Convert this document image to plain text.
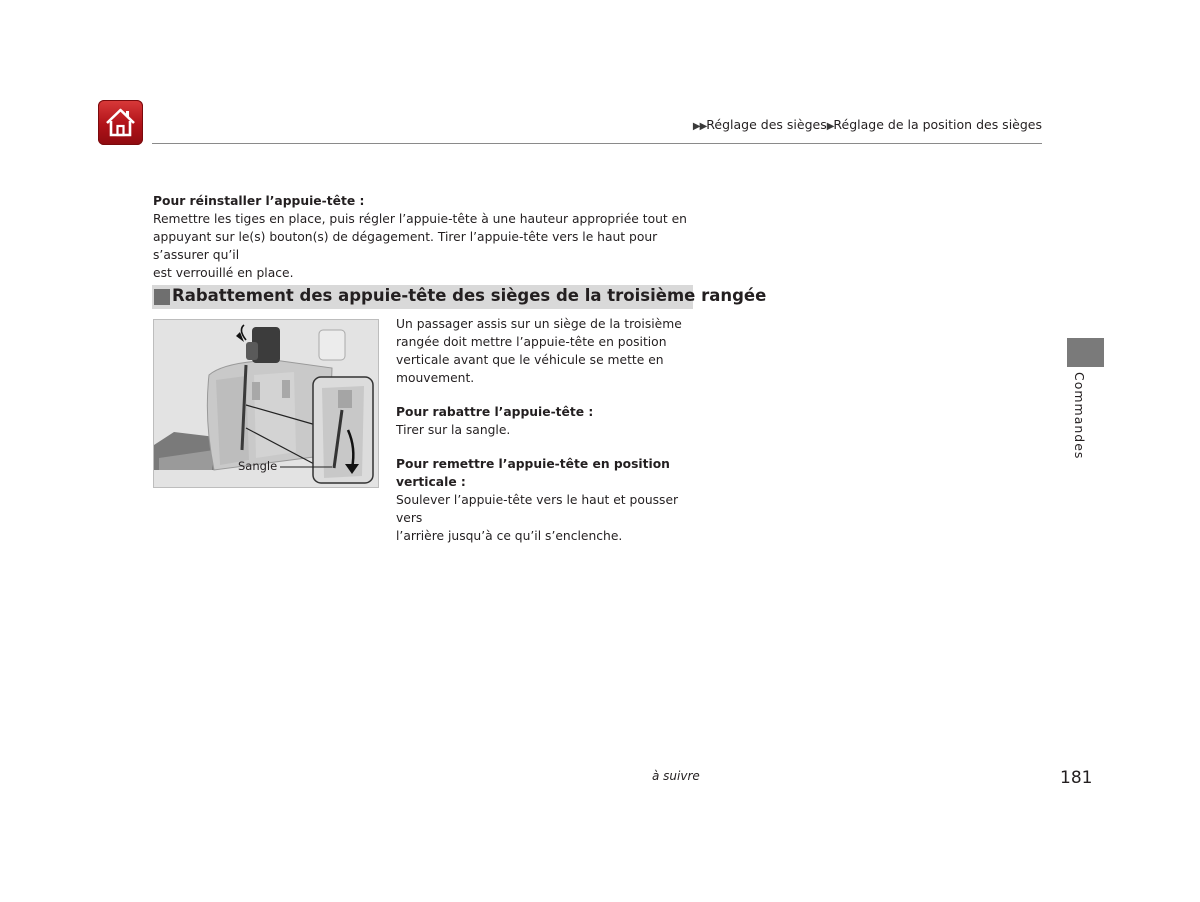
▶▶Réglage des sièges▶Réglage de la position des sièges
Pour réinstaller l’appuie-tête :
Remettre les tiges en place, puis régler l’appuie-tête à une hauteur appropriée tout en
appuyant sur le(s) bouton(s) de dégagement. Tirer l’appuie-tête vers le haut pour s’assurer qu’il
est verrouillé en place.
Rabattement des appuie-tête des sièges de la troisième rangée
Sangle
Un passager assis sur un siège de la troisième
rangée doit mettre l’appuie-tête en position
verticale avant que le véhicule se mette en
mouvement.
Pour rabattre l’appuie-tête :
Tirer sur la sangle.
Pour remettre l’appuie-tête en position
verticale :
Soulever l’appuie-tête vers le haut et pousser vers
l’arrière jusqu’à ce qu’il s’enclenche.
Commandes
à suivre	181
